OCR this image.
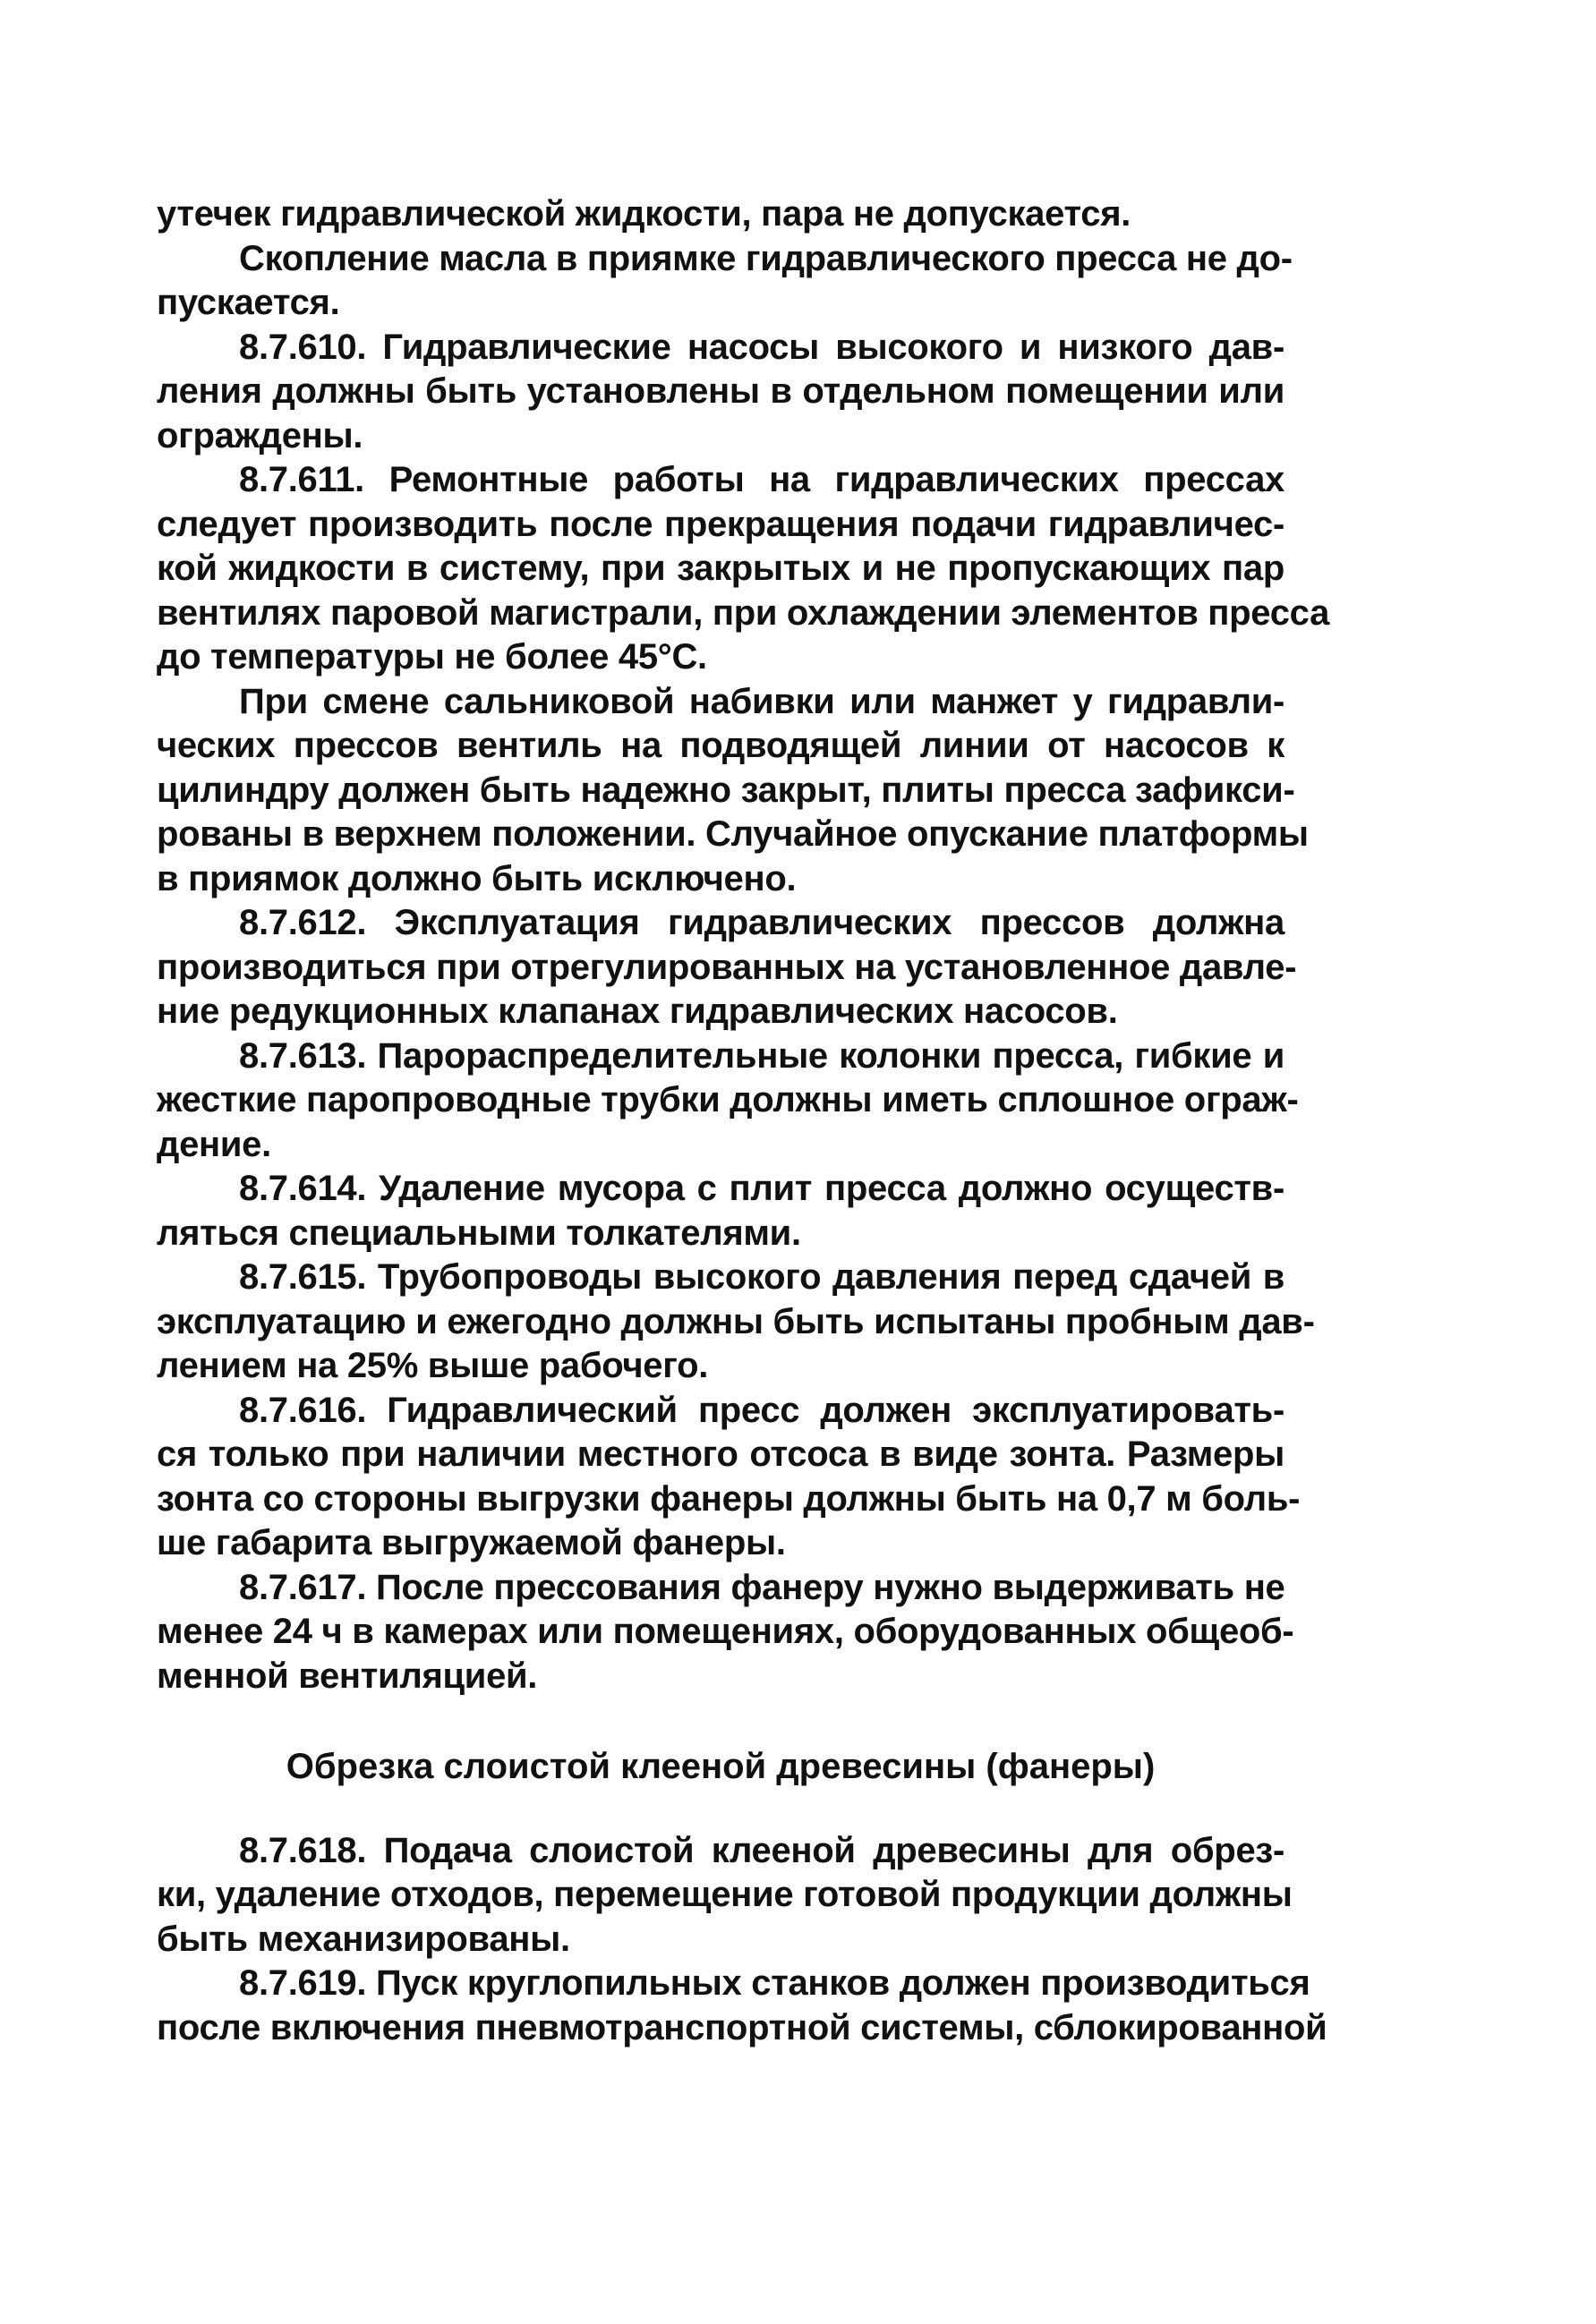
утечек гидравлической жидкости, пара не допускается.
Скопление масла в приямке гидравлического пресса не до-
пускается.
8.7.610. Гидравлические насосы высокого и низкого дав-
ления должны быть установлены в отдельном помещении или
ограждены.
8.7.611. Ремонтные работы на гидравлических прессах
следует производить после прекращения подачи гидравличес-
кой жидкости в систему, при закрытых и не пропускающих пар
вентилях паровой магистрали, при охлаждении элементов пресса
до температуры не более 45°С.
При смене сальниковой набивки или манжет у гидравли-
ческих прессов вентиль на подводящей линии от насосов к
цилиндру должен быть надежно закрыт, плиты пресса зафикси-
рованы в верхнем положении. Случайное опускание платформы
в приямок должно быть исключено.
8.7.612. Эксплуатация гидравлических прессов должна
производиться при отрегулированных на установленное давле-
ние редукционных клапанах гидравлических насосов.
8.7.613. Парораспределительные колонки пресса, гибкие и
жесткие паропроводные трубки должны иметь сплошное ограж-
дение.
8.7.614. Удаление мусора с плит пресса должно осуществ-
ляться специальными толкателями.
8.7.615. Трубопроводы высокого давления перед сдачей в
эксплуатацию и ежегодно должны быть испытаны пробным дав-
лением на 25% выше рабочего.
8.7.616. Гидравлический пресс должен эксплуатировать-
ся только при наличии местного отсоса в виде зонта. Размеры
зонта со стороны выгрузки фанеры должны быть на 0,7 м боль-
ше габарита выгружаемой фанеры.
8.7.617. После прессования фанеру нужно выдерживать не
менее 24 ч в камерах или помещениях, оборудованных общеоб-
менной вентиляцией.
Обрезка слоистой клееной древесины (фанеры)
8.7.618. Подача слоистой клееной древесины для обрез-
ки, удаление отходов, перемещение готовой продукции должны
быть механизированы.
8.7.619. Пуск круглопильных станков должен производиться
после включения пневмотранспортной системы, сблокированной
